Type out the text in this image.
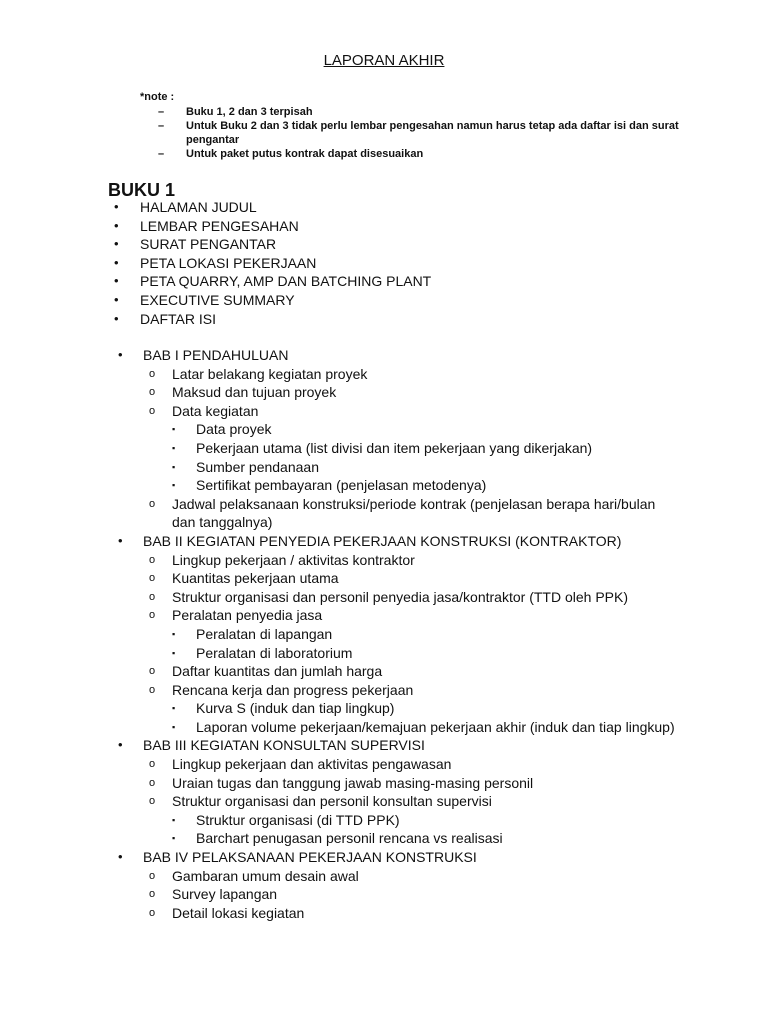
LAPORAN AKHIR
*note :
–	Buku 1, 2 dan 3 terpisah
–	Untuk Buku 2 dan 3 tidak perlu lembar pengesahan namun harus tetap ada daftar isi dan surat pengantar
–	Untuk paket putus kontrak dapat disesuaikan
BUKU 1
•	HALAMAN JUDUL
•	LEMBAR PENGESAHAN
•	SURAT PENGANTAR
•	PETA LOKASI PEKERJAAN
•	PETA QUARRY, AMP DAN BATCHING PLANT
•	EXECUTIVE SUMMARY
•	DAFTAR ISI
•	BAB I PENDAHULUAN
o	Latar belakang kegiatan proyek
o	Maksud dan tujuan proyek
o	Data kegiatan
▪	Data proyek
▪	Pekerjaan utama (list divisi dan item pekerjaan yang dikerjakan)
▪	Sumber pendanaan
▪	Sertifikat pembayaran (penjelasan metodenya)
o	Jadwal pelaksanaan konstruksi/periode kontrak (penjelasan berapa hari/bulan dan tanggalnya)
•	BAB II KEGIATAN PENYEDIA PEKERJAAN KONSTRUKSI (KONTRAKTOR)
o	Lingkup pekerjaan / aktivitas kontraktor
o	Kuantitas pekerjaan utama
o	Struktur organisasi dan personil penyedia jasa/kontraktor (TTD oleh PPK)
o	Peralatan penyedia jasa
▪	Peralatan di lapangan
▪	Peralatan di laboratorium
o	Daftar kuantitas dan jumlah harga
o	Rencana kerja dan progress pekerjaan
▪	Kurva S (induk dan tiap lingkup)
▪	Laporan volume pekerjaan/kemajuan pekerjaan akhir (induk dan tiap lingkup)
•	BAB III KEGIATAN KONSULTAN SUPERVISI
o	Lingkup pekerjaan dan aktivitas pengawasan
o	Uraian tugas dan tanggung jawab masing-masing personil
o	Struktur organisasi dan personil konsultan supervisi
▪	Struktur organisasi (di TTD PPK)
▪	Barchart penugasan personil rencana vs realisasi
•	BAB IV PELAKSANAAN PEKERJAAN KONSTRUKSI
o	Gambaran umum desain awal
o	Survey lapangan
o	Detail lokasi kegiatan
